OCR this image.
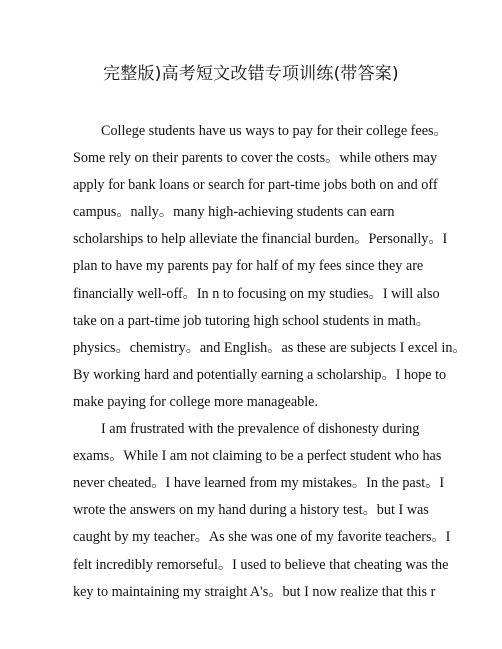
完整版)高考短文改错专项训练(带答案)

College students have us ways to pay for their college fees。
Some rely on their parents to cover the costs。while others may
apply for bank loans or search for part-time jobs both on and off
campus。nally。many high-achieving students can earn
scholarships to help alleviate the financial burden。Personally。I
plan to have my parents pay for half of my fees since they are
financially well-off。In n to focusing on my studies。I will also
take on a part-time job tutoring high school students in math。
physics。chemistry。and English。as these are subjects I excel in。
By working hard and potentially earning a scholarship。I hope to
make paying for college more manageable.

I am frustrated with the prevalence of dishonesty during
exams。While I am not claiming to be a perfect student who has
never cheated。I have learned from my mistakes。In the past。I
wrote the answers on my hand during a history test。but I was
caught by my teacher。As she was one of my favorite teachers。I
felt incredibly remorseful。I used to believe that cheating was the
key to maintaining my straight A's。but I now realize that this r
